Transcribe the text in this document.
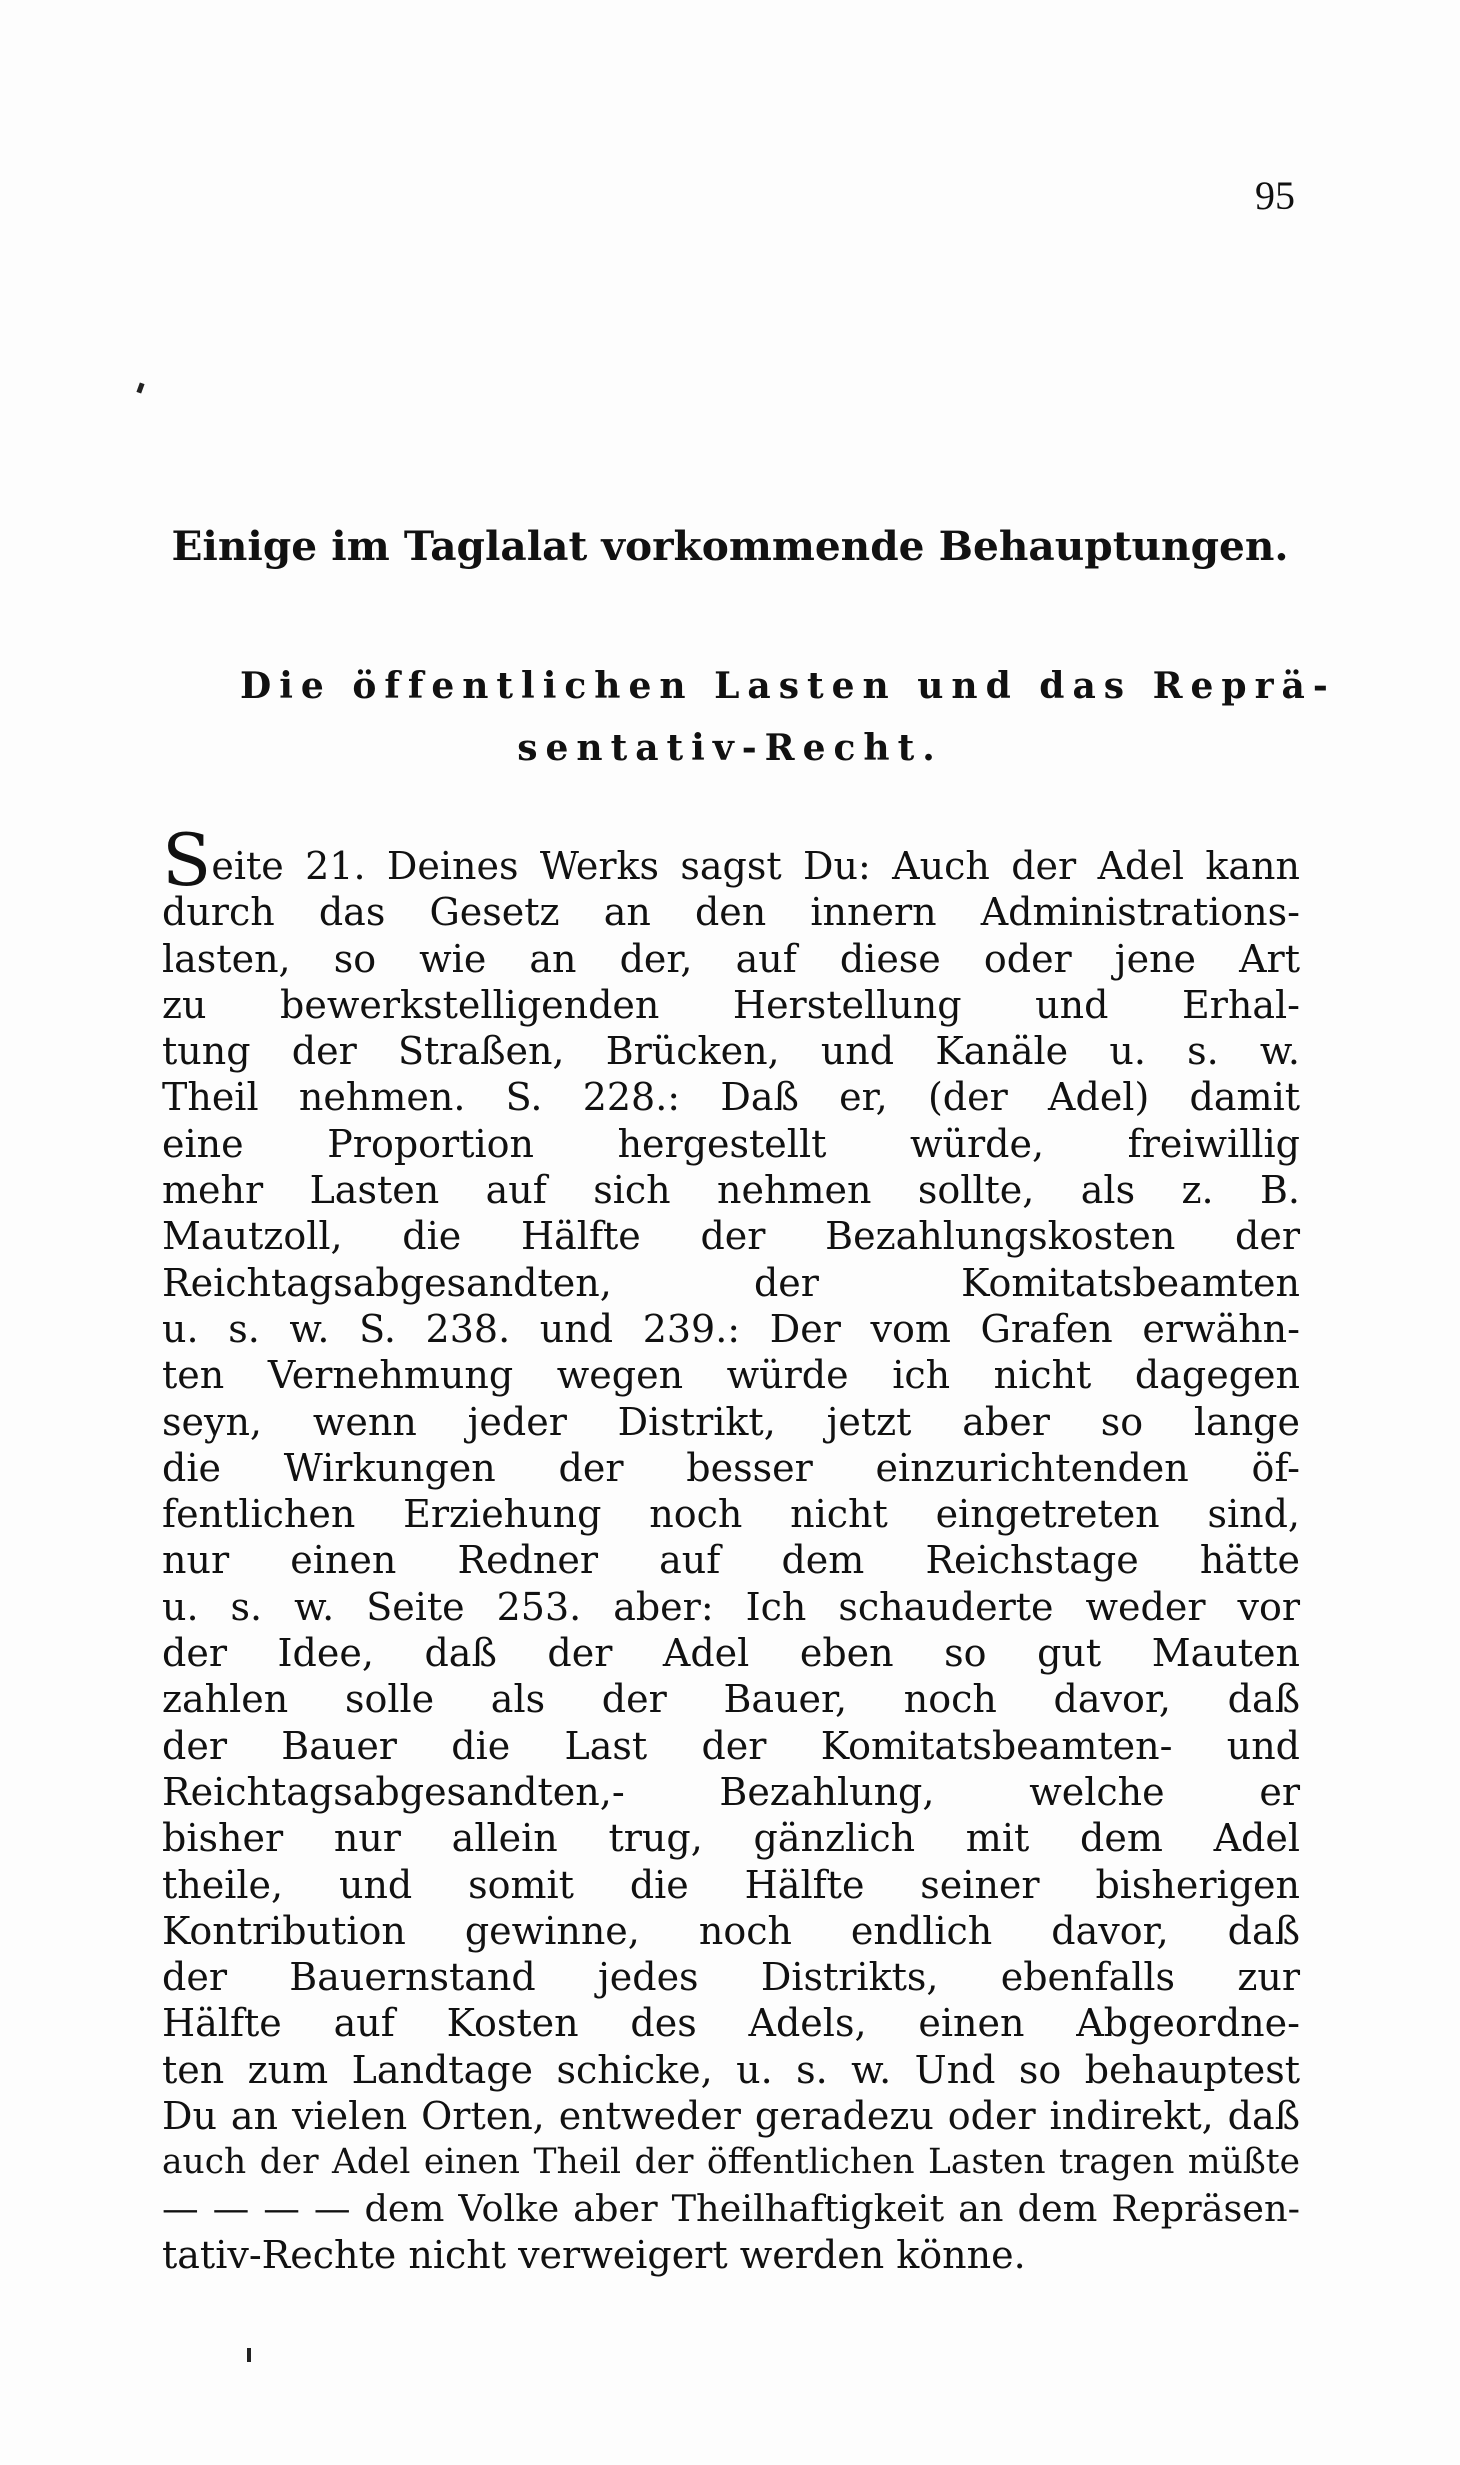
95
Einige im Taglalat vorkommende Behauptungen.
Die öffentlichen Lasten und das Reprä-
sentativ-Recht.
Seite 21. Deines Werks sagst Du: Auch der Adel kann
durch das Gesetz an den innern Administrations-
lasten, so wie an der, auf diese oder jene Art
zu bewerkstelligenden Herstellung und Erhal-
tung der Straßen, Brücken, und Kanäle u. s. w.
Theil nehmen. S. 228.: Daß er, (der Adel) damit
eine Proportion hergestellt würde, freiwillig
mehr Lasten auf sich nehmen sollte, als z. B.
Mautzoll, die Hälfte der Bezahlungskosten der
Reichtagsabgesandten, der Komitatsbeamten
u. s. w. S. 238. und 239.: Der vom Grafen erwähn-
ten Vernehmung wegen würde ich nicht dagegen
seyn, wenn jeder Distrikt, jetzt aber so lange
die Wirkungen der besser einzurichtenden öf-
fentlichen Erziehung noch nicht eingetreten sind,
nur einen Redner auf dem Reichstage hätte
u. s. w. Seite 253. aber: Ich schauderte weder vor
der Idee, daß der Adel eben so gut Mauten
zahlen solle als der Bauer, noch davor, daß
der Bauer die Last der Komitatsbeamten- und
Reichtagsabgesandten,- Bezahlung, welche er
bisher nur allein trug, gänzlich mit dem Adel
theile, und somit die Hälfte seiner bisherigen
Kontribution gewinne, noch endlich davor, daß
der Bauernstand jedes Distrikts, ebenfalls zur
Hälfte auf Kosten des Adels, einen Abgeordne-
ten zum Landtage schicke, u. s. w. Und so behauptest
Du an vielen Orten, entweder geradezu oder indirekt, daß
auch der Adel einen Theil der öffentlichen Lasten tragen müßte
— — — — dem Volke aber Theilhaftigkeit an dem Repräsen-
tativ-Rechte nicht verweigert werden könne.
